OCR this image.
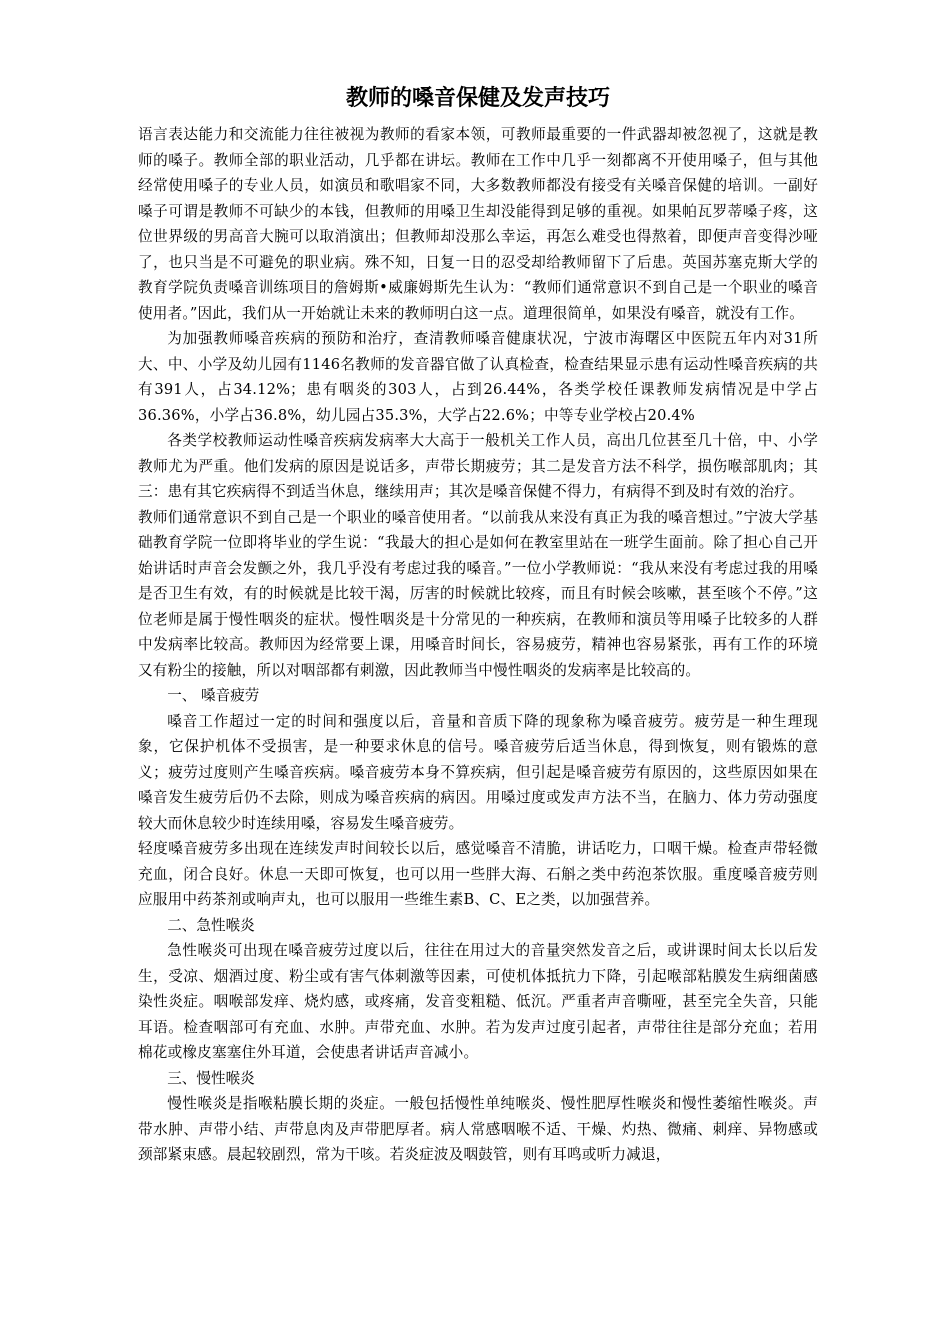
教师的嗓音保健及发声技巧

语言表达能力和交流能力往往被视为教师的看家本领，可教师最重要的一件武器却被忽视了，这就是教师的嗓子。教师全部的职业活动，几乎都在讲坛。教师在工作中几乎一刻都离不开使用嗓子，但与其他经常使用嗓子的专业人员，如演员和歌唱家不同，大多数教师都没有接受有关嗓音保健的培训。一副好嗓子可谓是教师不可缺少的本钱，但教师的用嗓卫生却没能得到足够的重视。如果帕瓦罗蒂嗓子疼，这位世界级的男高音大腕可以取消演出；但教师却没那么幸运，再怎么难受也得熬着，即便声音变得沙哑了，也只当是不可避免的职业病。殊不知，日复一日的忍受却给教师留下了后患。英国苏塞克斯大学的教育学院负责嗓音训练项目的詹姆斯•威廉姆斯先生认为：“教师们通常意识不到自己是一个职业的嗓音使用者。”因此，我们从一开始就让未来的教师明白这一点。道理很简单，如果没有嗓音，就没有工作。

为加强教师嗓音疾病的预防和治疗，查清教师嗓音健康状况，宁波市海曙区中医院五年内对31所大、中、小学及幼儿园有1146名教师的发音器官做了认真检查，检查结果显示患有运动性嗓音疾病的共有391人，占34.12%；患有咽炎的303人，占到26.44%，各类学校任课教师发病情况是中学占36.36%，小学占36.8%，幼儿园占35.3%，大学占22.6%；中等专业学校占20.4%

各类学校教师运动性嗓音疾病发病率大大高于一般机关工作人员，高出几位甚至几十倍，中、小学教师尤为严重。他们发病的原因是说话多，声带长期疲劳；其二是发音方法不科学，损伤喉部肌肉；其三：患有其它疾病得不到适当休息，继续用声；其次是嗓音保健不得力，有病得不到及时有效的治疗。

教师们通常意识不到自己是一个职业的嗓音使用者。“以前我从来没有真正为我的嗓音想过。”宁波大学基础教育学院一位即将毕业的学生说：“我最大的担心是如何在教室里站在一班学生面前。除了担心自己开始讲话时声音会发颤之外，我几乎没有考虑过我的嗓音。”一位小学教师说：“我从来没有考虑过我的用嗓是否卫生有效，有的时候就是比较干渴，厉害的时候就比较疼，而且有时候会咳嗽，甚至咳个不停。”这位老师是属于慢性咽炎的症状。慢性咽炎是十分常见的一种疾病，在教师和演员等用嗓子比较多的人群中发病率比较高。教师因为经常要上课，用嗓音时间长，容易疲劳，精神也容易紧张，再有工作的环境又有粉尘的接触，所以对咽部都有刺激，因此教师当中慢性咽炎的发病率是比较高的。

一、 嗓音疲劳

嗓音工作超过一定的时间和强度以后，音量和音质下降的现象称为嗓音疲劳。疲劳是一种生理现象，它保护机体不受损害，是一种要求休息的信号。嗓音疲劳后适当休息，得到恢复，则有锻炼的意义；疲劳过度则产生嗓音疾病。嗓音疲劳本身不算疾病，但引起是嗓音疲劳有原因的，这些原因如果在嗓音发生疲劳后仍不去除，则成为嗓音疾病的病因。用嗓过度或发声方法不当，在脑力、体力劳动强度较大而休息较少时连续用嗓，容易发生嗓音疲劳。

轻度嗓音疲劳多出现在连续发声时间较长以后，感觉嗓音不清脆，讲话吃力，口咽干燥。检查声带轻微充血，闭合良好。休息一天即可恢复，也可以用一些胖大海、石斛之类中药泡茶饮服。重度嗓音疲劳则应服用中药茶剂或响声丸，也可以服用一些维生素B、C、E之类，以加强营养。

二、急性喉炎

急性喉炎可出现在嗓音疲劳过度以后，往往在用过大的音量突然发音之后，或讲课时间太长以后发生，受凉、烟酒过度、粉尘或有害气体刺激等因素，可使机体抵抗力下降，引起喉部粘膜发生病细菌感染性炎症。咽喉部发痒、烧灼感，或疼痛，发音变粗糙、低沉。严重者声音嘶哑，甚至完全失音，只能耳语。检查咽部可有充血、水肿。声带充血、水肿。若为发声过度引起者，声带往往是部分充血；若用棉花或橡皮塞塞住外耳道，会使患者讲话声音减小。

三、慢性喉炎

慢性喉炎是指喉粘膜长期的炎症。一般包括慢性单纯喉炎、慢性肥厚性喉炎和慢性萎缩性喉炎。声带水肿、声带小结、声带息肉及声带肥厚者。病人常感咽喉不适、干燥、灼热、微痛、刺痒、异物感或颈部紧束感。晨起较剧烈，常为干咳。若炎症波及咽鼓管，则有耳鸣或听力减退，
